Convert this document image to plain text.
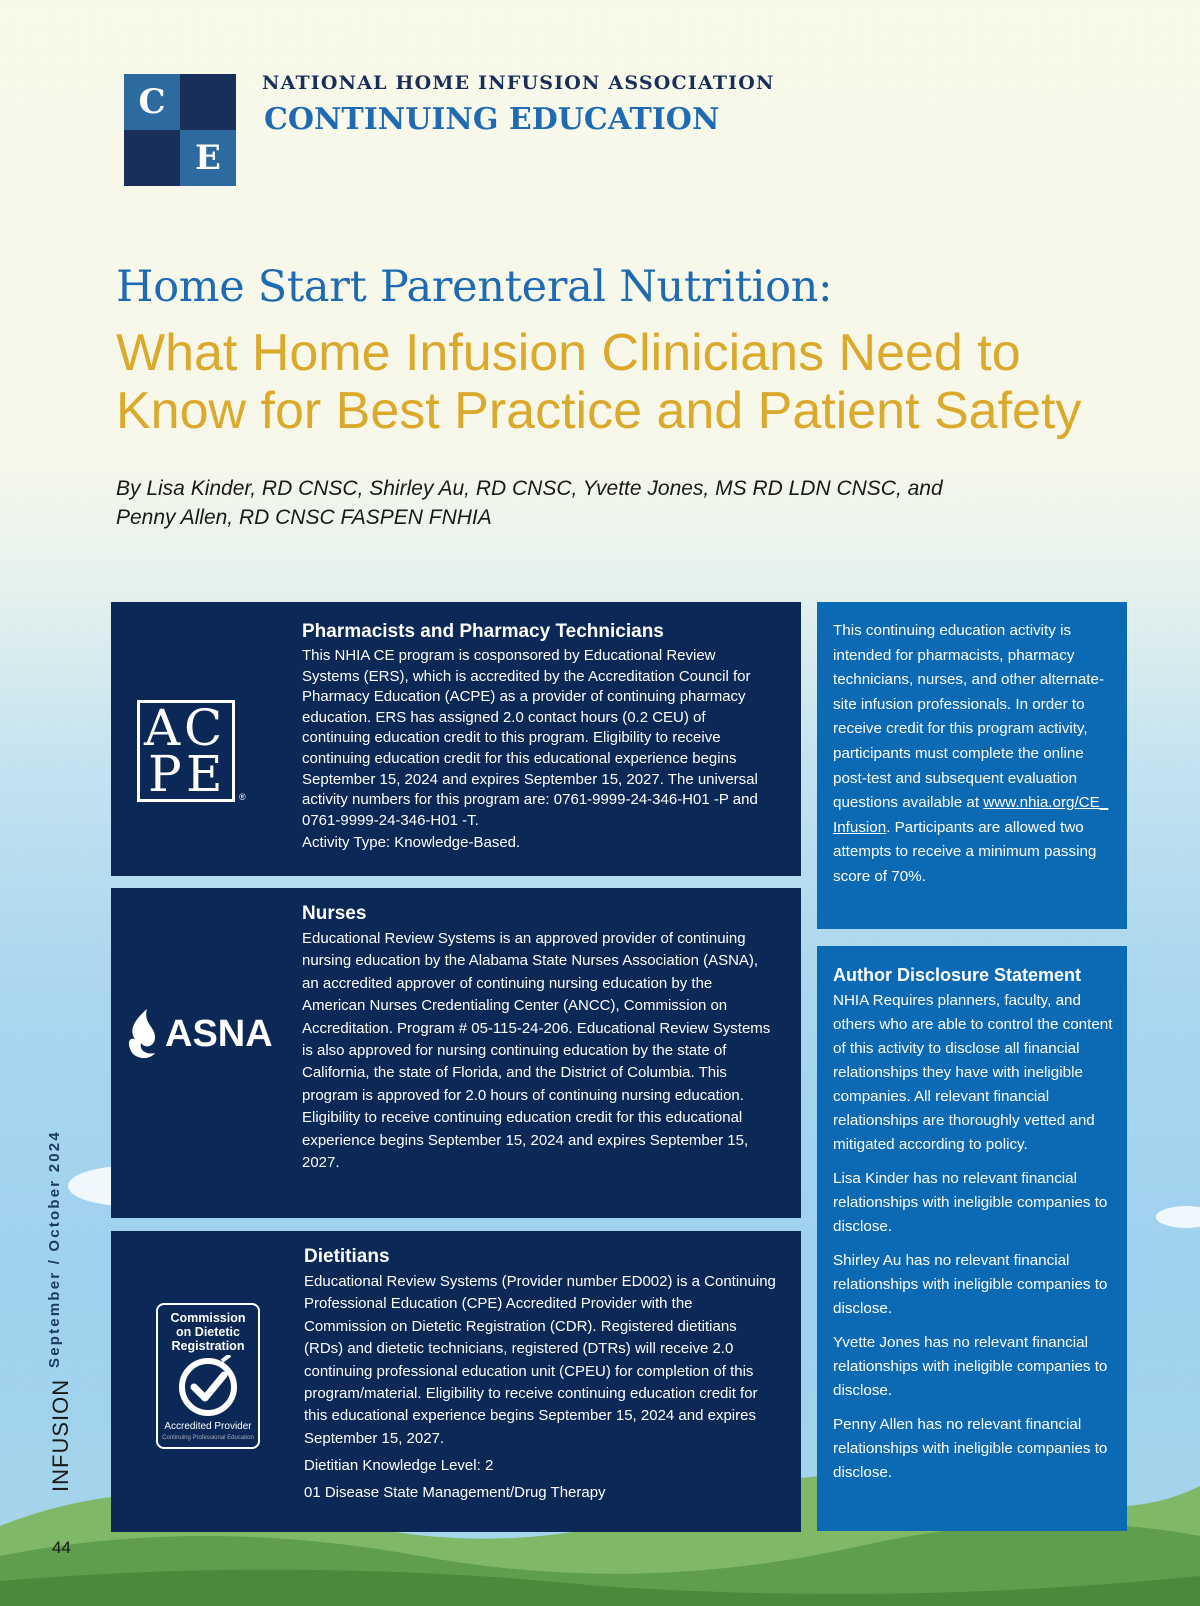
C
E
NATIONAL HOME INFUSION ASSOCIATION
CONTINUING EDUCATION
Home Start Parenteral Nutrition:
What Home Infusion Clinicians Need to Know for Best Practice and Patient Safety
By Lisa Kinder, RD CNSC, Shirley Au, RD CNSC, Yvette Jones, MS RD LDN CNSC, and
Penny Allen, RD CNSC FASPEN FNHIA
A C
P E ®
Pharmacists and Pharmacy Technicians

This NHIA CE program is cosponsored by Educational Review Systems (ERS), which is accredited by the Accreditation Council for Pharmacy Education (ACPE) as a provider of continuing pharmacy education. ERS has assigned 2.0 contact hours (0.2 CEU) of continuing education credit to this program. Eligibility to receive continuing education credit for this educational experience begins September 15, 2024 and expires September 15, 2027. The universal activity numbers for this program are: 0761-9999-24-346-H01 -P and 0761-9999-24-346-H01 -T.

Activity Type: Knowledge-Based.

ASNA
Nurses

Educational Review Systems is an approved provider of continuing nursing education by the Alabama State Nurses Association (ASNA), an accredited approver of continuing nursing education by the American Nurses Credentialing Center (ANCC), Commission on Accreditation. Program # 05-115-24-206. Educational Review Systems is also approved for nursing continuing education by the state of California, the state of Florida, and the District of Columbia. This program is approved for 2.0 hours of continuing nursing education. Eligibility to receive continuing education credit for this educational experience begins September 15, 2024 and expires September 15, 2027.

Commission
on Dietetic
Registration
Accredited Provider
Continuing Professional Education
Dietitians

Educational Review Systems (Provider number ED002) is a Continuing Professional Education (CPE) Accredited Provider with the Commission on Dietetic Registration (CDR). Registered dietitians (RDs) and dietetic technicians, registered (DTRs) will receive 2.0 continuing professional education unit (CPEU) for completion of this program/material. Eligibility to receive continuing education credit for this educational experience begins September 15, 2024 and expires September 15, 2027.

Dietitian Knowledge Level: 2

01 Disease State Management/Drug Therapy

This continuing education activity is intended for pharmacists, pharmacy technicians, nurses, and other alternate-site infusion professionals. In order to receive credit for this program activity, participants must complete the online post-test and subsequent evaluation questions available at www.nhia.org/CE_ Infusion. Participants are allowed two attempts to receive a minimum passing score of 70%.
Author Disclosure Statement

NHIA Requires planners, faculty, and others who are able to control the content of this activity to disclose all financial relationships they have with ineligible companies. All relevant financial relationships are thoroughly vetted and mitigated according to policy.

Lisa Kinder has no relevant financial relationships with ineligible companies to disclose.

Shirley Au has no relevant financial relationships with ineligible companies to disclose.

Yvette Jones has no relevant financial relationships with ineligible companies to disclose.

Penny Allen has no relevant financial relationships with ineligible companies to disclose.

September / October 2024
INFUSION
44
